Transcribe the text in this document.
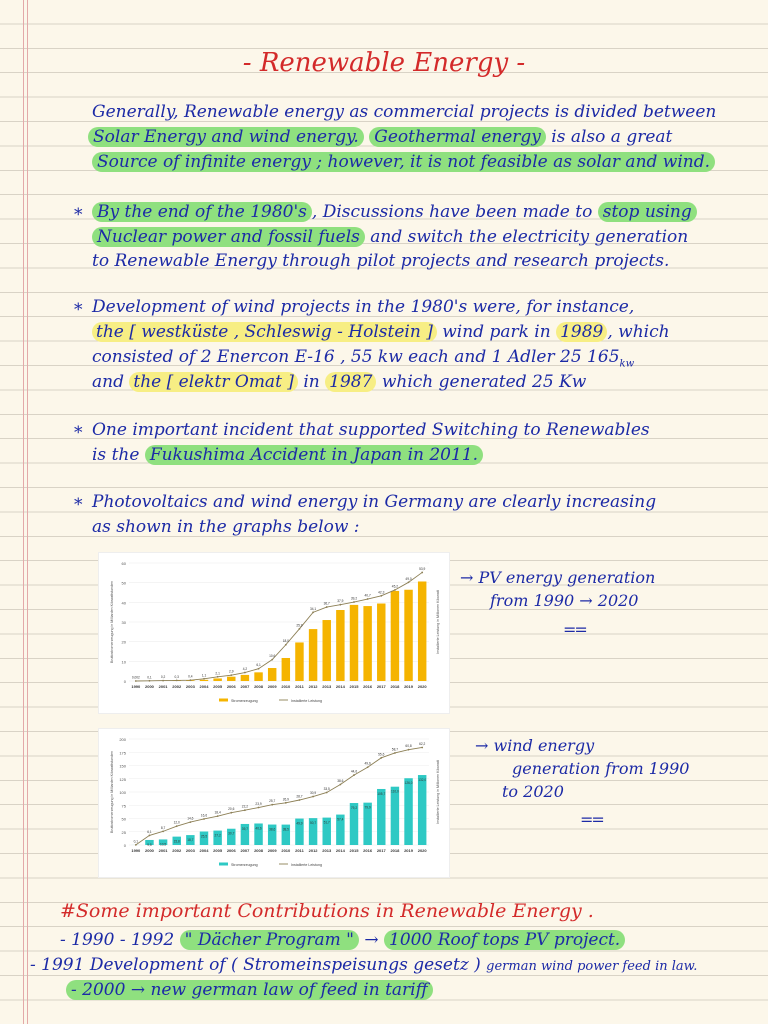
- Renewable Energy -
Generally, Renewable energy as commercial projects is divided between
Solar Energy and wind energy. Geothermal energy is also a great
Source of infinite energy ; however, it is not feasible as solar and wind.
* By the end of the 1980's , Discussions have been made to stop using
Nuclear power and fossil fuels and switch the electricity generation
to Renewable Energy through pilot projects and research projects.
* Development of wind projects in the 1980's were, for instance,
the [ westküste , Schleswig - Holstein ] wind park in 1989 , which
consisted of 2 Enercon E-16 , 55 kw each and 1 Adler 25 $165_{kw}$
and the [ elektr Omat ] in 1987 which generated 25 Kw
* One important incident that supported Switching to Renewables
is the Fukushima Accident in Japan in 2011.
* Photovoltaics and wind energy in Germany are clearly increasing
as shown in the graphs below :
0
10
20
30
40
50
60
Bruttostromerzeugung in Milliarden Kilowattstunden	Installierte Leistung in Millionen Kilowatt
1990 2000 2001 2002 2003 2004 2005 2006 2007 2008 2009 2010 2011 2012 2013 2014 2015 2016 2017 2018 2019 2020
0,002 0,1	0,2	0,3	0,4	1,1
2,1	2,9
4,2
6,1
10,6
18,0
25,9
34,1
36,7
37,9
39,2
40,7
42,3
45,2
49,0
53,9
Stromerzeugung	Installierte Leistung
→ PV energy generation
from 1990 → 2020
==
0
25
50
75
100
125
150
175
200
Bruttostromerzeugung in Milliarden Kilowattstunden	Installierte Leistung in Millionen Kilowatt
1990
9,5
2000
10,5
2001
15,8
2002
18,7
2003
25,5
2004
27,2
2005
30,7
2006
39,7
2007
40,6
2008
38,6
2009
38,5
2010
49,9
2011
50,7
2012
51,7
2013
57,4
2014
79,2
2015
79,9
2016
105,7
2017
110,0
2018
126,0
2019
132,0
2020
0,1
6,1
8,7
12,0
14,6
16,6
18,4
20,6
22,2
23,9
25,7 26,9
28,7
30,9
33,5
38,6
44,6
49,6
55,6
58,7
60,8
62,2
Stromerzeugung	Installierte Leistung
→ wind energy
generation from 1990
to 2020
==
#Some important Contributions in Renewable Energy .
- 1990 - 1992 " Dächer Program " → 1000 Roof tops PV project.
- 1991 Development of ( Stromeinspeisungs gesetz ) german wind power feed in law.
- 2000 → new german law of feed in tariff
